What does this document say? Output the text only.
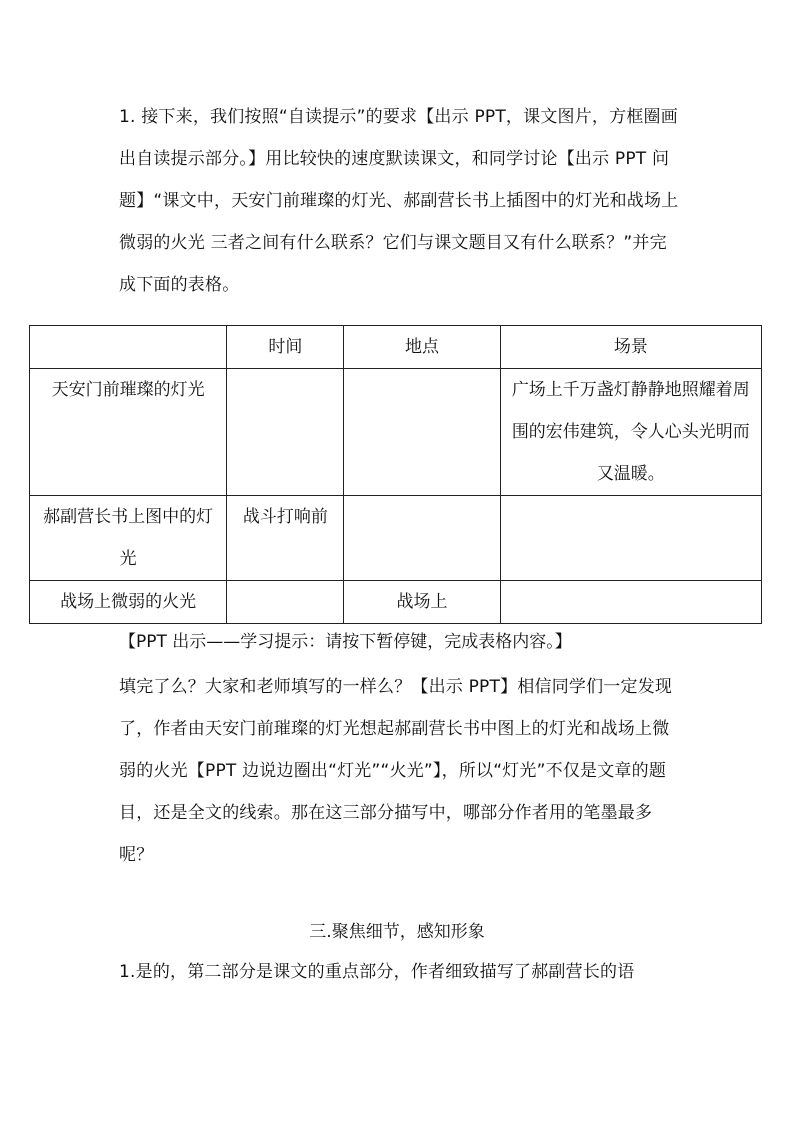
1. 接下来，我们按照“自读提示”的要求【出示 PPT，课文图片，方框圈画出自读提示部分。】用比较快的速度默读课文，和同学讨论【出示 PPT 问题】“课文中，天安门前璀璨的灯光、郝副营长书上插图中的灯光和战场上微弱的火光 三者之间有什么联系？它们与课文题目又有什么联系？”并完成下面的表格。
	时间	地点	场景
天安门前璀璨的灯光			广场上千万盏灯静静地照耀着周围的宏伟建筑，令人心头光明而又温暖。
郝副营长书上图中的灯光	战斗打响前		
战场上微弱的火光		战场上	
【PPT 出示——学习提示：请按下暂停键，完成表格内容。】
填完了么？大家和老师填写的一样么？【出示 PPT】相信同学们一定发现了，作者由天安门前璀璨的灯光想起郝副营长书中图上的灯光和战场上微弱的火光【PPT 边说边圈出“灯光”“火光”】，所以“灯光”不仅是文章的题目，还是全文的线索。那在这三部分描写中，哪部分作者用的笔墨最多呢？
三.聚焦细节，感知形象
1.是的，第二部分是课文的重点部分，作者细致描写了郝副营长的语
